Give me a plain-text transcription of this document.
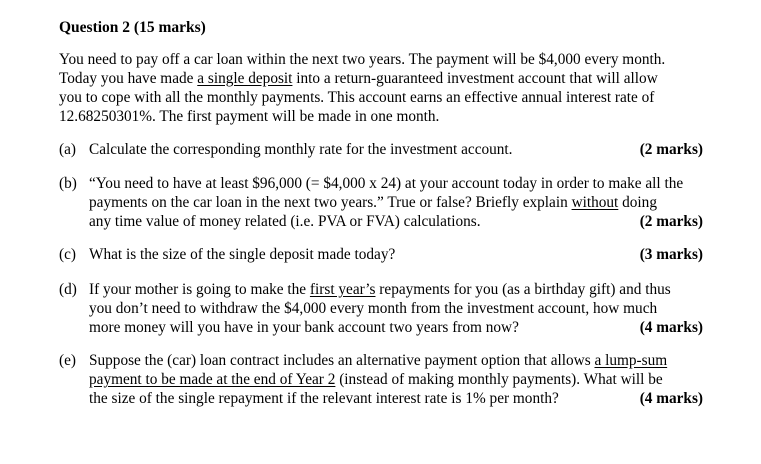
Question 2 (15 marks)
You need to pay off a car loan within the next two years. The payment will be $4,000 every month.
Today you have made a single deposit into a return-guaranteed investment account that will allow
you to cope with all the monthly payments. This account earns an effective annual interest rate of
12.68250301%. The first payment will be made in one month.
(a) Calculate the corresponding monthly rate for the investment account.	(2 marks)
(b) “You need to have at least $96,000 (= $4,000 x 24) at your account today in order to make all the
payments on the car loan in the next two years.” True or false? Briefly explain without doing
any time value of money related (i.e. PVA or FVA) calculations.	(2 marks)
(c) What is the size of the single deposit made today?	(3 marks)
(d) If your mother is going to make the first year’s repayments for you (as a birthday gift) and thus
you don’t need to withdraw the $4,000 every month from the investment account, how much
more money will you have in your bank account two years from now?	(4 marks)
(e) Suppose the (car) loan contract includes an alternative payment option that allows a lump-sum
payment to be made at the end of Year 2 (instead of making monthly payments). What will be
the size of the single repayment if the relevant interest rate is 1% per month?	(4 marks)
